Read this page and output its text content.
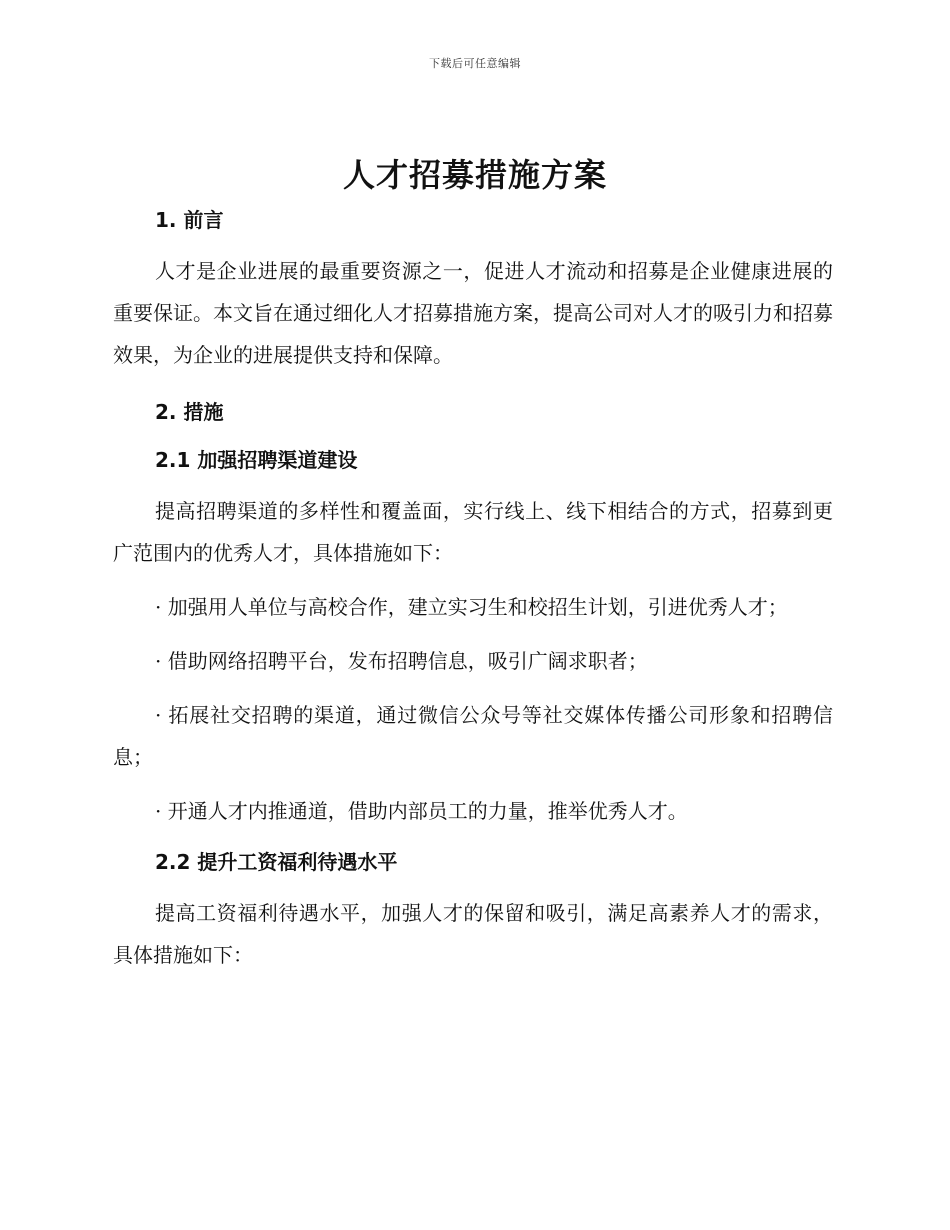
下载后可任意编辑
人才招募措施方案
1. 前言

人才是企业进展的最重要资源之一，促进人才流动和招募是企业健康进展的重要保证。本文旨在通过细化人才招募措施方案，提高公司对人才的吸引力和招募效果，为企业的进展提供支持和保障。

2. 措施
2.1 加强招聘渠道建设

提高招聘渠道的多样性和覆盖面，实行线上、线下相结合的方式，招募到更广范围内的优秀人才，具体措施如下：

· 加强用人单位与高校合作，建立实习生和校招生计划，引进优秀人才；

· 借助网络招聘平台，发布招聘信息，吸引广阔求职者；

· 拓展社交招聘的渠道，通过微信公众号等社交媒体传播公司形象和招聘信息；

· 开通人才内推通道，借助内部员工的力量，推举优秀人才。

2.2 提升工资福利待遇水平

提高工资福利待遇水平，加强人才的保留和吸引，满足高素养人才的需求，具体措施如下：
